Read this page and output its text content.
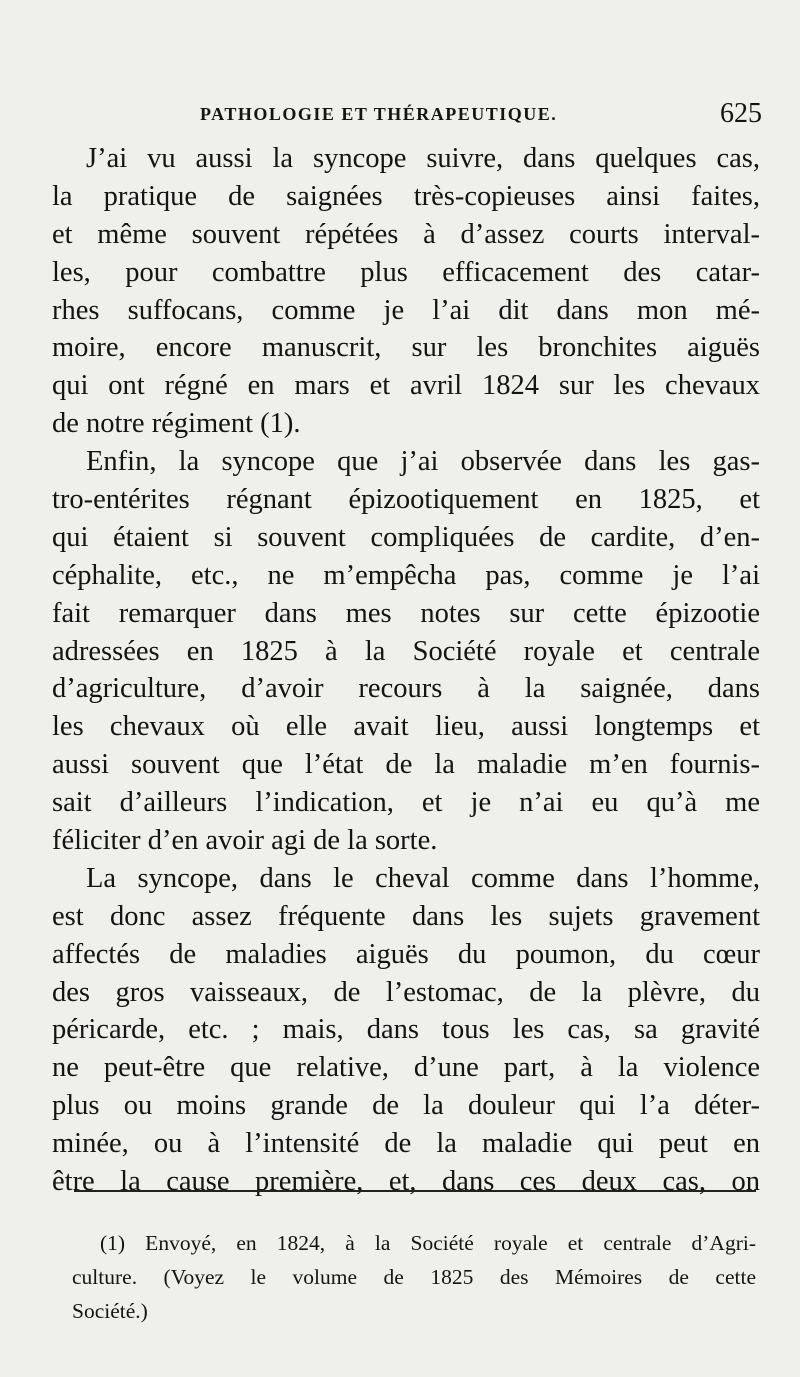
PATHOLOGIE ET THÉRAPEUTIQUE.	625
J’ai vu aussi la syncope suivre, dans quelques cas,
la pratique de saignées très-copieuses ainsi faites,
et même souvent répétées à d’assez courts interval-
les, pour combattre plus efficacement des catar-
rhes suffocans, comme je l’ai dit dans mon mé-
moire, encore manuscrit, sur les bronchites aiguës
qui ont régné en mars et avril 1824 sur les chevaux
de notre régiment (1).
Enfin, la syncope que j’ai observée dans les gas-
tro-entérites régnant épizootiquement en 1825, et
qui étaient si souvent compliquées de cardite, d’en-
céphalite, etc., ne m’empêcha pas, comme je l’ai
fait remarquer dans mes notes sur cette épizootie
adressées en 1825 à la Société royale et centrale
d’agriculture, d’avoir recours à la saignée, dans
les chevaux où elle avait lieu, aussi longtemps et
aussi souvent que l’état de la maladie m’en fournis-
sait d’ailleurs l’indication, et je n’ai eu qu’à me
féliciter d’en avoir agi de la sorte.
La syncope, dans le cheval comme dans l’homme,
est donc assez fréquente dans les sujets gravement
affectés de maladies aiguës du poumon, du cœur
des gros vaisseaux, de l’estomac, de la plèvre, du
péricarde, etc. ; mais, dans tous les cas, sa gravité
ne peut-être que relative, d’une part, à la violence
plus ou moins grande de la douleur qui l’a déter-
minée, ou à l’intensité de la maladie qui peut en
être la cause première, et, dans ces deux cas, on
(1) Envoyé, en 1824, à la Société royale et centrale d’Agri-
culture. (Voyez le volume de 1825 des Mémoires de cette
Société.)
